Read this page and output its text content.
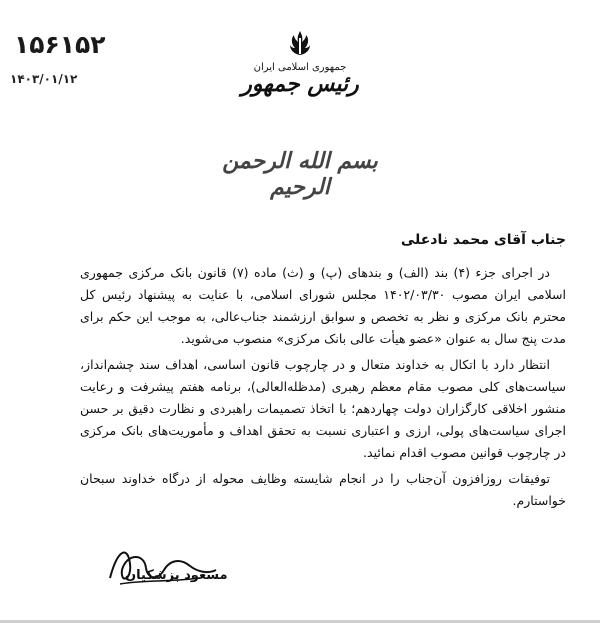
۱۵۶۱۵۲
۱۴۰۳/۰۱/۱۲
جمهوری اسلامی ایران
رئیس جمهور
بسم الله الرحمن الرحیم
جناب آقای محمد نادعلی

در اجرای جزء (۴) بند (الف) و بندهای (پ) و (ث) ماده (۷) قانون بانک مرکزی جمهوری اسلامی ایران مصوب ۱۴۰۲/۰۳/۳۰ مجلس شورای اسلامی، با عنایت به پیشنهاد رئیس کل محترم بانک مرکزی و نظر به تخصص و سوابق ارزشمند جناب‌عالی، به موجب این حکم برای مدت پنج سال به عنوان «عضو هیأت عالی بانک مرکزی» منصوب می‌شوید.

انتظار دارد با اتکال به خداوند متعال و در چارچوب قانون اساسی، اهداف سند چشم‌انداز، سیاست‌های کلی مصوب مقام معظم رهبری (مدظله‌العالی)، برنامه هفتم پیشرفت و رعایت منشور اخلاقی کارگزاران دولت چهاردهم؛ با اتخاذ تصمیمات راهبردی و نظارت دقیق بر حسن اجرای سیاست‌های پولی، ارزی و اعتباری نسبت به تحقق اهداف و مأموریت‌های بانک مرکزی در چارچوب قوانین مصوب اقدام نمائید.

توفیقات روزافزون آن‌جناب را در انجام شایسته وظایف محوله از درگاه خداوند سبحان خواستارم.

مسعود پزشکیان
